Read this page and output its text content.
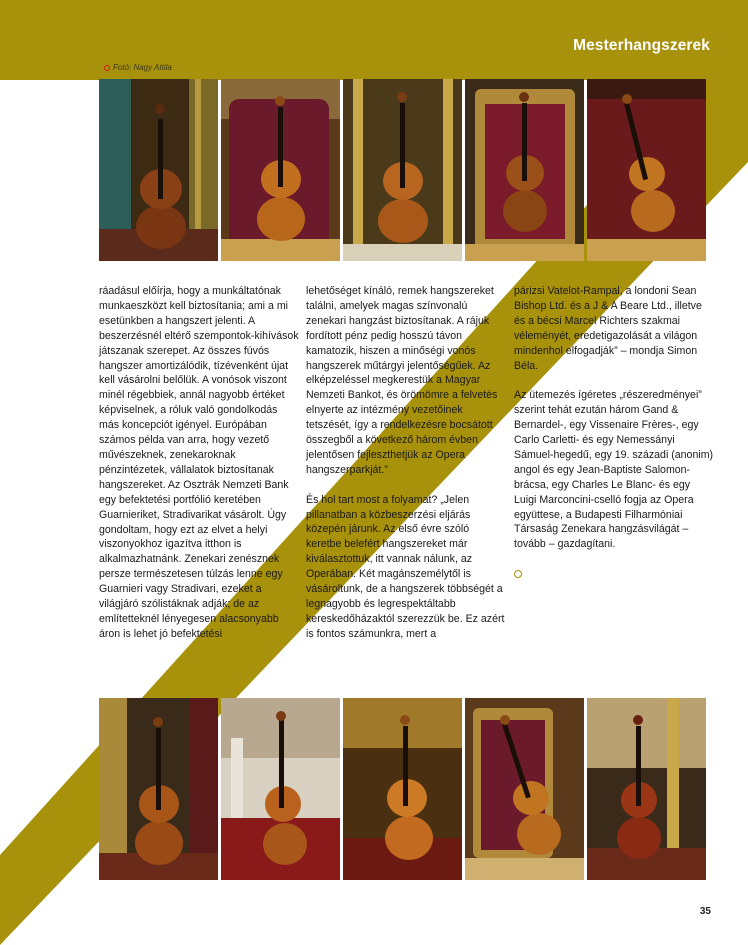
Mesterhangszerek
Fotó: Nagy Attila

ráadásul előírja, hogy a munkáltatónak munkaeszközt kell biztosítania; ami a mi esetünkben a hangszert jelenti. A beszerzésnél eltérő szempontok-kihívások játszanak szerepet. Az összes fúvós hangszer amortizálódik, tízévenként újat kell vásárolni belőlük. A vonósok viszont minél régebbiek, annál nagyobb értéket képviselnek, a róluk való gondolkodás más koncepciót igényel. Európában számos példa van arra, hogy vezető művészeknek, zenekaroknak pénzintézetek, vállalatok biztosítanak hangszereket. Az Osztrák Nemzeti Bank egy befektetési portfólió keretében Guarnieriket, Stradivarikat vásárolt. Úgy gondoltam, hogy ezt az elvet a helyi viszonyokhoz igazítva itthon is alkalmazhatnánk. Zenekari zenésznek persze természetesen túlzás lenne egy Guarnieri vagy Stradivari, ezeket a világjáró szólistáknak adják; de az említetteknél lényegesen alacsonyabb áron is lehet jó befektetési

lehetőséget kínáló, remek hangszereket találni, amelyek magas színvonalú zenekari hangzást biztosítanak. A rájuk fordított pénz pedig hosszú távon kamatozik, hiszen a minőségi vonós hangszerek műtárgyi jelentőségűek. Az elképzeléssel megkerestük a Magyar Nemzeti Bankot, és örömömre a felvetés elnyerte az intézmény vezetőinek tetszését, így a rendelkezésre bocsátott összegből a következő három évben jelentősen fejleszthetjük az Opera hangszerparkját.”

És hol tart most a folyamat? „Jelen pillanatban a közbeszerzési eljárás közepén járunk. Az első évre szóló keretbe belefért hangszereket már kiválasztottuk, itt vannak nálunk, az Operában. Két magánszemélytől is vásároltunk, de a hangszerek többségét a legnagyobb és legrespektáltabb kereskedőházaktól szerezzük be. Ez azért is fontos számunkra, mert a

párizsi Vatelot-Rampal, a londoni Sean Bishop Ltd. és a J & A Beare Ltd., illetve és a bécsi Marcel Richters szakmai véleményét, eredetigazolását a világon mindenhol elfogadják” – mondja Simon Béla.

Az ütemezés ígéretes „részeredményei” szerint tehát ezután három Gand & Bernardel-, egy Vissenaire Frères-, egy Carlo Carletti- és egy Nemessányi Sámuel-hegedű, egy 19. századi (anonim) angol és egy Jean-Baptiste Salomon-brácsa, egy Charles Le Blanc- és egy Luigi Marconcini-cselló fogja az Opera együttese, a Budapesti Filharmóniai Társaság Zenekara hangzásvilágát – tovább – gazdagítani.

35
